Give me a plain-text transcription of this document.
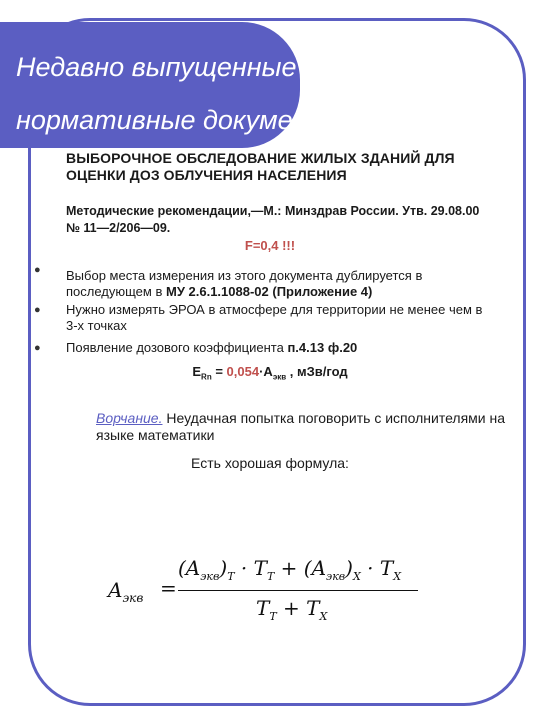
Недавно выпущенные
нормативные документы
ВЫБОРОЧНОЕ ОБСЛЕДОВАНИЕ ЖИЛЫХ ЗДАНИЙ ДЛЯ ОЦЕНКИ ДОЗ ОБЛУЧЕНИЯ НАСЕЛЕНИЯ
Методические рекомендации,—М.: Минздрав России. Утв. 29.08.00 № 11—2/206—09.
F=0,4 !!!
● Выбор места измерения из этого документа дублируется в последующем в МУ 2.6.1.1088-02 (Приложение 4)
● Нужно измерять ЭРОА в атмосфере для территории не менее чем в 3-х точках
● Появление дозового коэффициента п.4.13 ф.20
$E_{Rn} = 0,054\cdot A_{экв}$ , мЗв/год
Ворчание. Неудачная попытка поговорить с исполнителями на языке математики
Есть хорошая формула:
$A_{экв}$ =
$(A_{экв})_T \cdot T_T + (A_{экв})_X \cdot T_X$
$T_T + T_X$
